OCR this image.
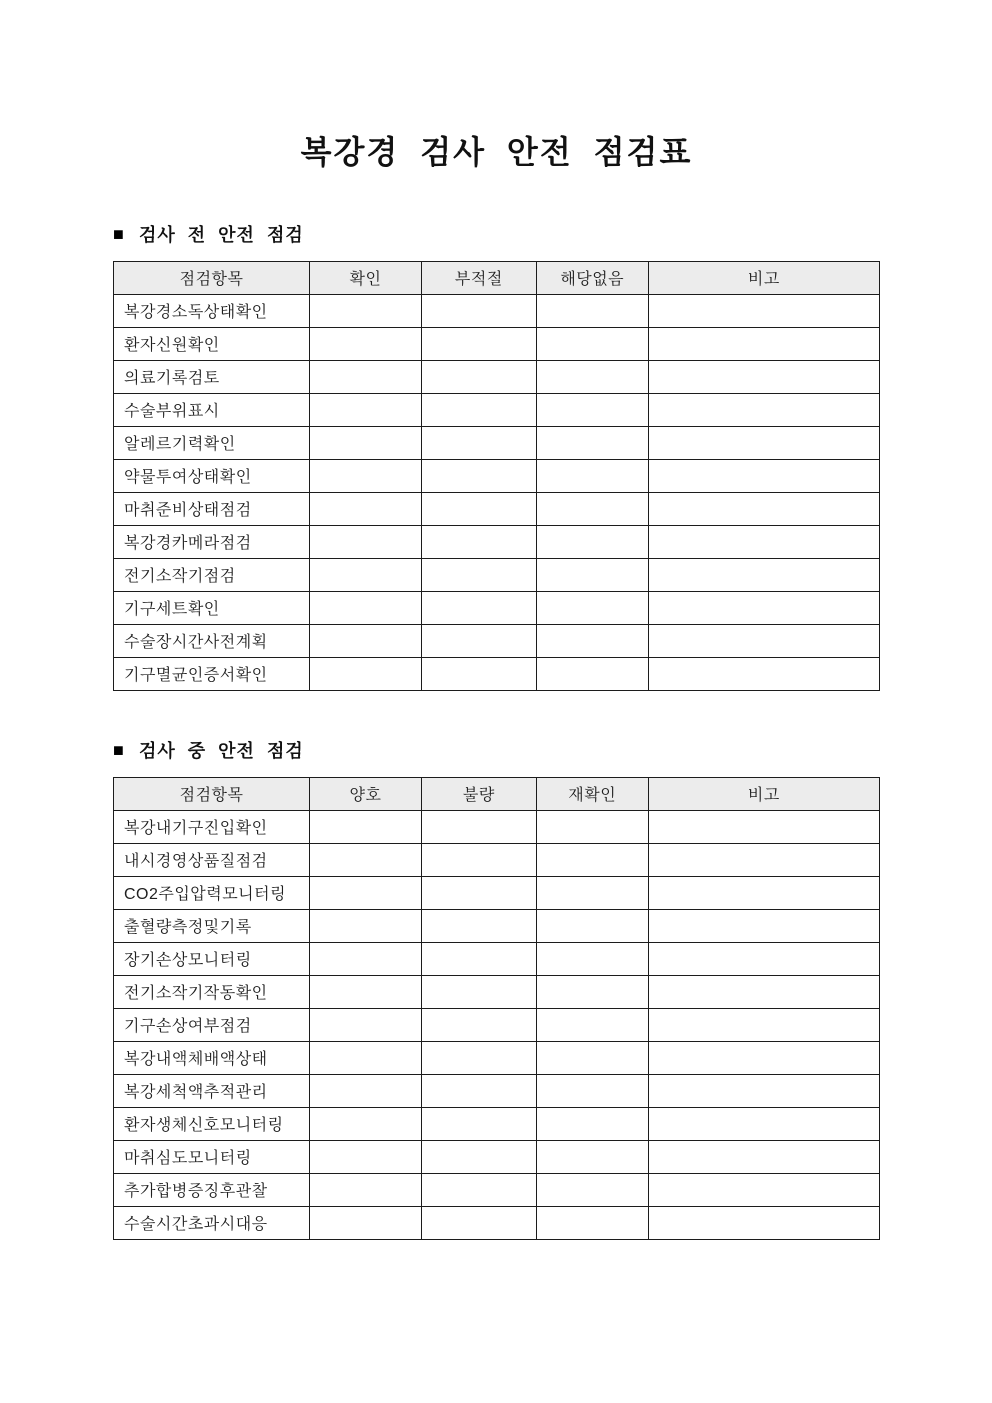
복강경 검사 안전 점검표
■ 검사 전 안전 점검
점검항목	확인	부적절	해당없음	비고
복강경소독상태확인				
환자신원확인				
의료기록검토				
수술부위표시				
알레르기력확인				
약물투여상태확인				
마취준비상태점검				
복강경카메라점검				
전기소작기점검				
기구세트확인				
수술장시간사전계획				
기구멸균인증서확인				
■ 검사 중 안전 점검
점검항목	양호	불량	재확인	비고
복강내기구진입확인				
내시경영상품질점검				
CO2주입압력모니터링				
출혈량측정및기록				
장기손상모니터링				
전기소작기작동확인				
기구손상여부점검				
복강내액체배액상태				
복강세척액추적관리				
환자생체신호모니터링				
마취심도모니터링				
추가합병증징후관찰				
수술시간초과시대응				
